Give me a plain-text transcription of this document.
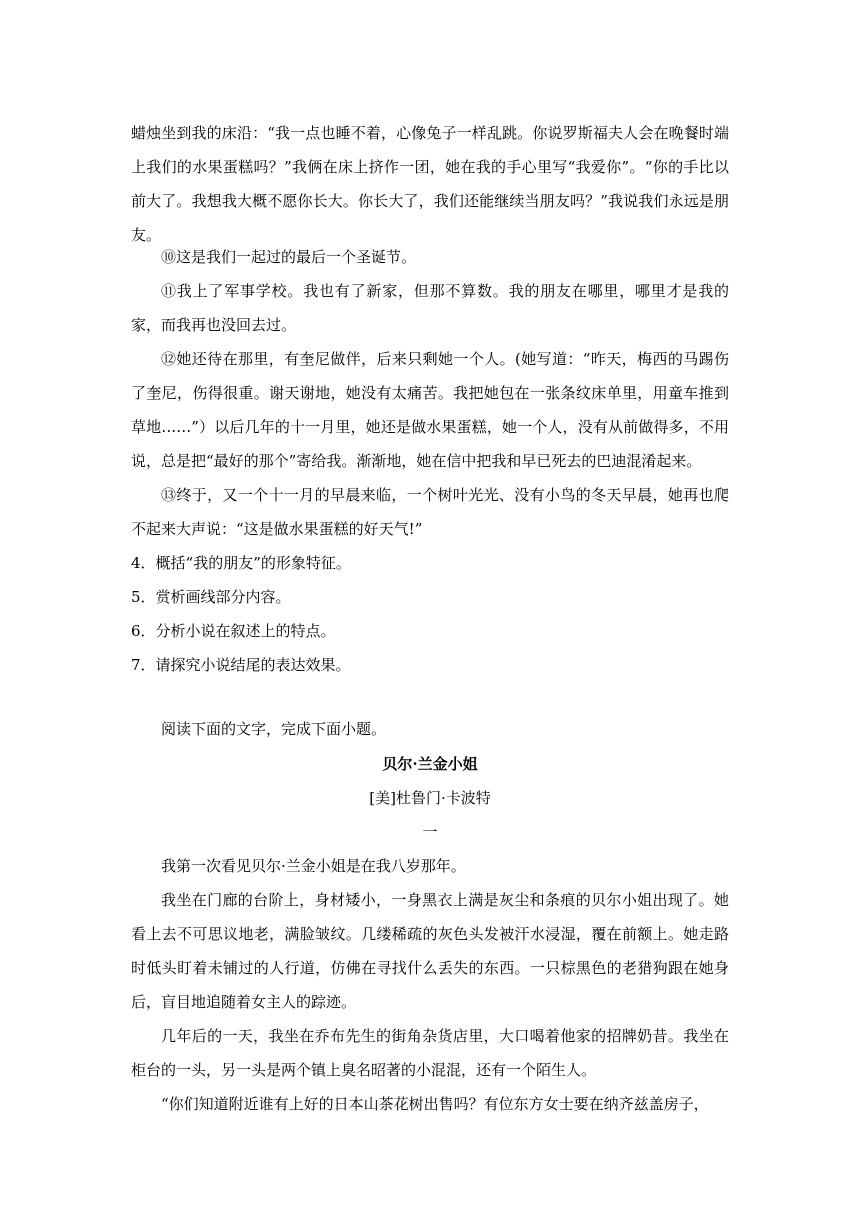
蜡烛坐到我的床沿：“我一点也睡不着，心像兔子一样乱跳。你说罗斯福夫人会在晚餐时端上我们的水果蛋糕吗？”我俩在床上挤作一团，她在我的手心里写“我爱你”。“你的手比以前大了。我想我大概不愿你长大。你长大了，我们还能继续当朋友吗？”我说我们永远是朋友。

⑩这是我们一起过的最后一个圣诞节。

⑪我上了军事学校。我也有了新家，但那不算数。我的朋友在哪里，哪里才是我的家，而我再也没回去过。

⑫她还待在那里，有奎尼做伴，后来只剩她一个人。(她写道：“昨天，梅西的马踢伤了奎尼，伤得很重。谢天谢地，她没有太痛苦。我把她包在一张条纹床单里，用童车推到草地……”）以后几年的十一月里，她还是做水果蛋糕，她一个人，没有从前做得多，不用说，总是把“最好的那个”寄给我。渐渐地，她在信中把我和早已死去的巴迪混淆起来。

⑬终于，又一个十一月的早晨来临，一个树叶光光、没有小鸟的冬天早晨，她再也爬不起来大声说：“这是做水果蛋糕的好天气!”

4．概括“我的朋友”的形象特征。

5．赏析画线部分内容。

6．分析小说在叙述上的特点。

7．请探究小说结尾的表达效果。

阅读下面的文字，完成下面小题。

贝尔·兰金小姐

[美]杜鲁门·卡波特

一

我第一次看见贝尔·兰金小姐是在我八岁那年。

我坐在门廊的台阶上，身材矮小，一身黑衣上满是灰尘和条痕的贝尔小姐出现了。她看上去不可思议地老，满脸皱纹。几缕稀疏的灰色头发被汗水浸湿，覆在前额上。她走路时低头盯着未铺过的人行道，仿佛在寻找什么丢失的东西。一只棕黑色的老猎狗跟在她身后，盲目地追随着女主人的踪迹。

几年后的一天，我坐在乔布先生的街角杂货店里，大口喝着他家的招牌奶昔。我坐在柜台的一头，另一头是两个镇上臭名昭著的小混混，还有一个陌生人。

“你们知道附近谁有上好的日本山茶花树出售吗？有位东方女士要在纳齐兹盖房子，
